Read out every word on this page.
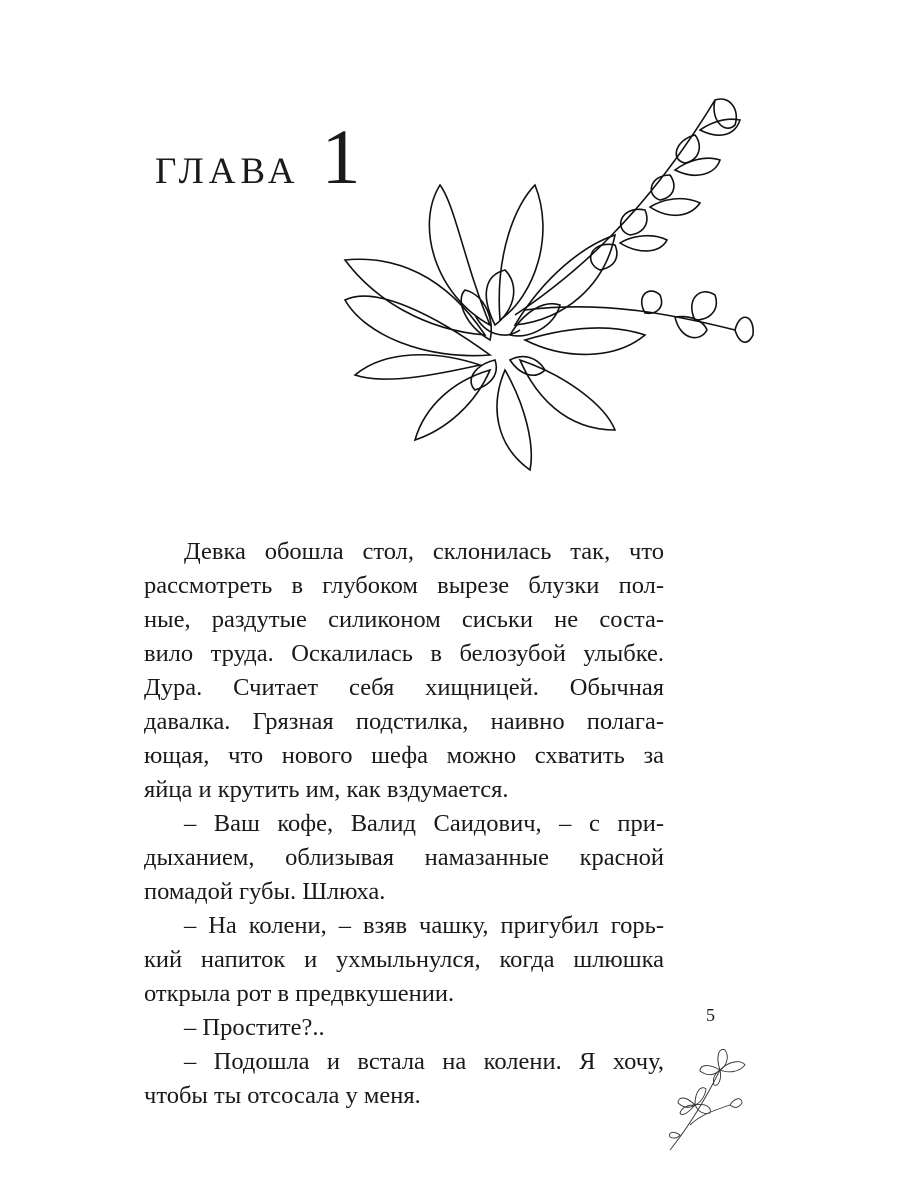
ГЛАВА 1
Девка обошла стол, склонилась так, что
рассмотреть в глубоком вырезе блузки пол-
ные, раздутые силиконом сиськи не соста-
вило труда. Оскалилась в белозубой улыбке.
Дура. Считает себя хищницей. Обычная
давалка. Грязная подстилка, наивно полага-
ющая, что нового шефа можно схватить за
яйца и крутить им, как вздумается.
– Ваш кофе, Валид Саидович, – с при-
дыханием, облизывая намазанные красной
помадой губы. Шлюха.
– На колени, – взяв чашку, пригубил горь-
кий напиток и ухмыльнулся, когда шлюшка
открыла рот в предвкушении.
– Простите?..
– Подошла и встала на колени. Я хочу,
чтобы ты отсосала у меня.
5
